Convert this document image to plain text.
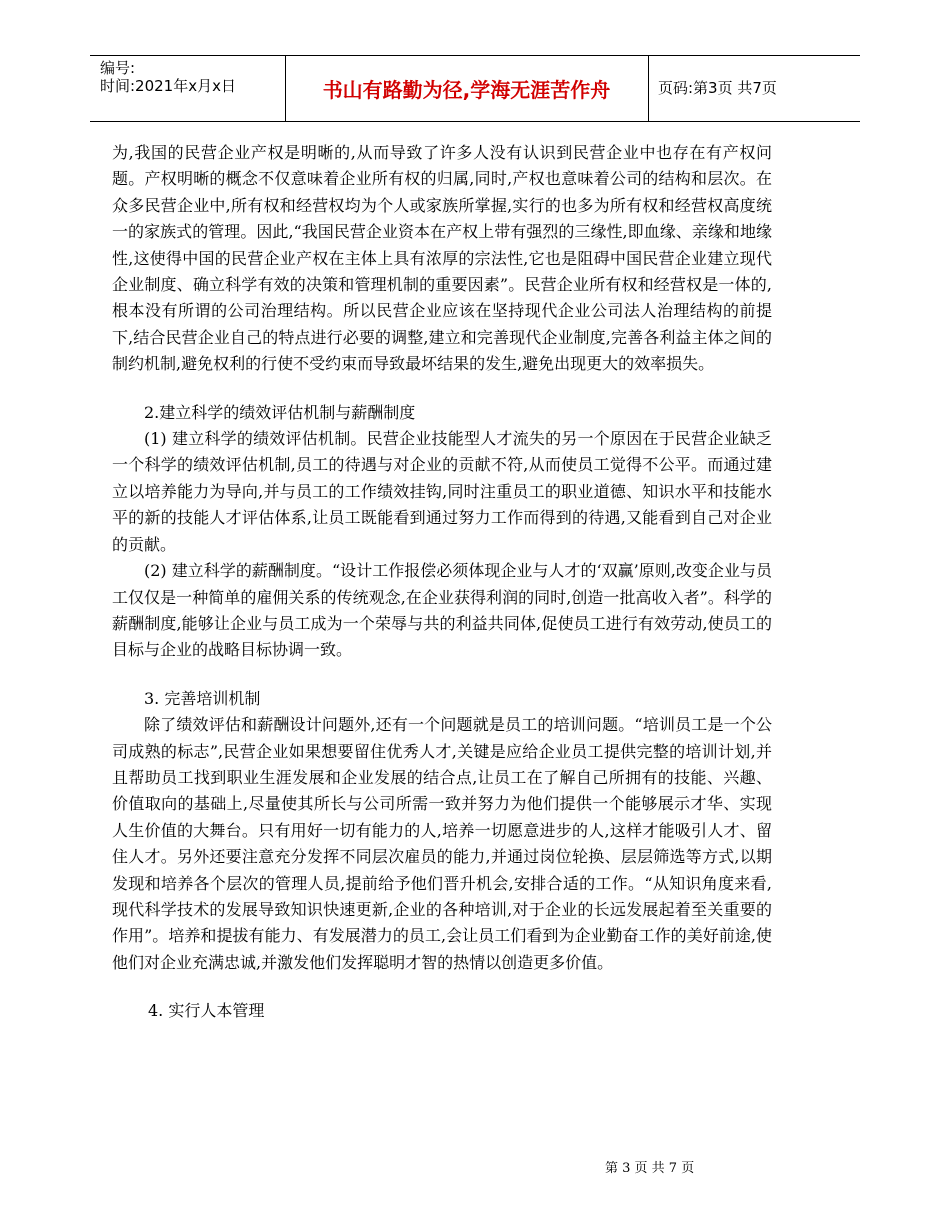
编号:
时间:2021年x月x日	书山有路勤为径,学海无涯苦作舟	页码:第3页 共7页

为,我国的民营企业产权是明晰的,从而导致了许多人没有认识到民营企业中也存在有产权问题。产权明晰的概念不仅意味着企业所有权的归属,同时,产权也意味着公司的结构和层次。在众多民营企业中,所有权和经营权均为个人或家族所掌握,实行的也多为所有权和经营权高度统一的家族式的管理。因此,“我国民营企业资本在产权上带有强烈的三缘性,即血缘、亲缘和地缘性,这使得中国的民营企业产权在主体上具有浓厚的宗法性,它也是阻碍中国民营企业建立现代企业制度、确立科学有效的决策和管理机制的重要因素”。民营企业所有权和经营权是一体的,根本没有所谓的公司治理结构。所以民营企业应该在坚持现代企业公司法人治理结构的前提下,结合民营企业自己的特点进行必要的调整,建立和完善现代企业制度,完善各利益主体之间的制约机制,避免权利的行使不受约束而导致最坏结果的发生,避免出现更大的效率损失。

2.建立科学的绩效评估机制与薪酬制度

(1) 建立科学的绩效评估机制。民营企业技能型人才流失的另一个原因在于民营企业缺乏一个科学的绩效评估机制,员工的待遇与对企业的贡献不符,从而使员工觉得不公平。而通过建立以培养能力为导向,并与员工的工作绩效挂钩,同时注重员工的职业道德、知识水平和技能水平的新的技能人才评估体系,让员工既能看到通过努力工作而得到的待遇,又能看到自己对企业的贡献。

(2) 建立科学的薪酬制度。“设计工作报偿必须体现企业与人才的‘双赢’原则,改变企业与员工仅仅是一种简单的雇佣关系的传统观念,在企业获得利润的同时,创造一批高收入者”。科学的薪酬制度,能够让企业与员工成为一个荣辱与共的利益共同体,促使员工进行有效劳动,使员工的目标与企业的战略目标协调一致。

3. 完善培训机制

除了绩效评估和薪酬设计问题外,还有一个问题就是员工的培训问题。“培训员工是一个公司成熟的标志”,民营企业如果想要留住优秀人才,关键是应给企业员工提供完整的培训计划,并且帮助员工找到职业生涯发展和企业发展的结合点,让员工在了解自己所拥有的技能、兴趣、价值取向的基础上,尽量使其所长与公司所需一致并努力为他们提供一个能够展示才华、实现人生价值的大舞台。只有用好一切有能力的人,培养一切愿意进步的人,这样才能吸引人才、留住人才。另外还要注意充分发挥不同层次雇员的能力,并通过岗位轮换、层层筛选等方式,以期发现和培养各个层次的管理人员,提前给予他们晋升机会,安排合适的工作。“从知识角度来看,现代科学技术的发展导致知识快速更新,企业的各种培训,对于企业的长远发展起着至关重要的作用”。培养和提拔有能力、有发展潜力的员工,会让员工们看到为企业勤奋工作的美好前途,使他们对企业充满忠诚,并激发他们发挥聪明才智的热情以创造更多价值。

4. 实行人本管理

第 3 页 共 7 页
